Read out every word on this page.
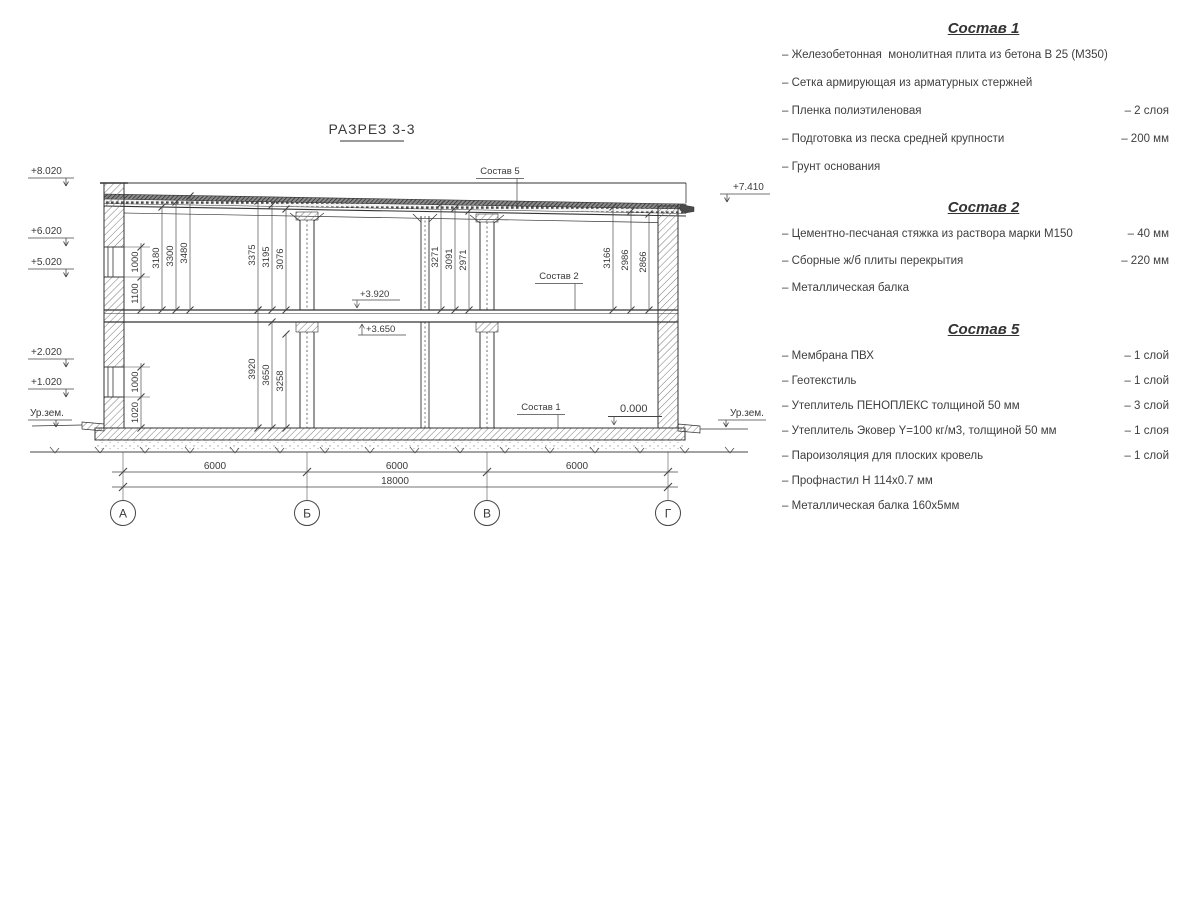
РАЗРЕЗ 3-3
1000
1100
3180 3300 3480	3375 3195 3076	3271 3091 2971	3166 2986 2866
1000
1020
3920 3650 3258
+8.020
+6.020
+5.020
+2.020
+1.020
Ур.зем.
+7.410
Ур.зем.
+3.920
+3.650
0.000
Состав 5
Состав 2
Состав 1
6000	6000	6000
18000
А	Б	В	Г
Состав 1
– Железобетонная  монолитная плита из бетона В 25 (М350)
– Сетка армирующая из арматурных стержней
– Пленка полиэтиленовая	– 2 слоя
– Подготовка из песка средней крупности	– 200 мм
– Грунт основания
Состав 2
– Цементно-песчаная стяжка из раствора марки М150	– 40 мм
– Сборные ж/б плиты перекрытия	– 220 мм
– Металлическая балка
Состав 5
– Мембрана ПВХ	– 1 слой
– Геотекстиль	– 1 слой
– Утеплитель ПЕНОПЛЕКС толщиной 50 мм	– 3 слой
– Утеплитель Эковер Y=100 кг/м3, толщиной 50 мм	– 1 слоя
– Пароизоляция для плоских кровель	– 1 слой
– Профнастил Н 114х0.7 мм
– Металлическая балка 160х5мм
